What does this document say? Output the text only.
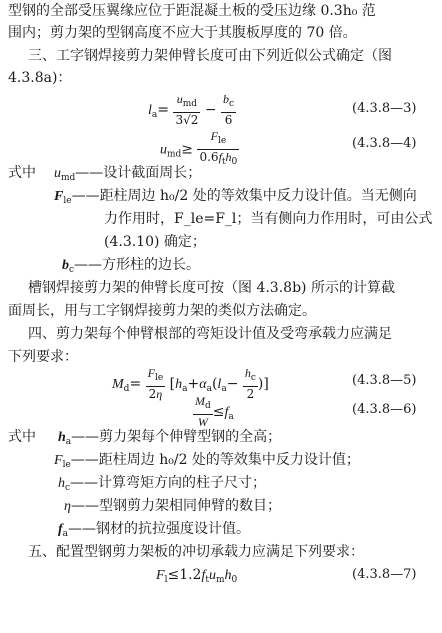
型钢的全部受压翼缘应位于距混凝土板的受压边缘 0.3h₀ 范
围内；剪力架的型钢高度不应大于其腹板厚度的 70 倍。
三、工字钢焊接剪力架伸臂长度可由下列近似公式确定（图
4.3.8a)：
$l_a= \frac{u_{md}}{3√2} - \frac{b_c}{6}$	(4.3.8—3)
$u_{md}\ge \frac{F_{le}}{0.6f_th_0}$	(4.3.8—4)
式中 $u_{md}——$设计截面周长；
$F_{le}——$距柱周边 h₀/2 处的等效集中反力设计值。当无侧向
力作用时，F_le=F_l；当有侧向力作用时，可由公式
(4.3.10) 确定；
$b_c——$方形柱的边长。
槽钢焊接剪力架的伸臂长度可按（图 4.3.8b) 所示的计算截
面周长，用与工字钢焊接剪力架的类似方法确定。
四、剪力架每个伸臂根部的弯矩设计值及受弯承载力应满足
下列要求：
$M_d= \frac{F_{le}}{2\eta} [h_a+\alpha_a(l_a- \frac{h_c}{2}$ )]	(4.3.8—5)
$\frac{M_d}{W} \le f_a$	(4.3.8—6)
式中 $h_a——$剪力架每个伸臂型钢的全高；
$F_{le}——$距柱周边 h₀/2 处的等效集中反力设计值；
$h_c——$计算弯矩方向的柱子尺寸；
η——型钢剪力架相同伸臂的数目；
$f_a——$钢材的抗拉强度设计值。
五、配置型钢剪力架板的冲切承载力应满足下列要求：
$F_l\le 1.2f_tu_mh_0$	(4.3.8—7)
